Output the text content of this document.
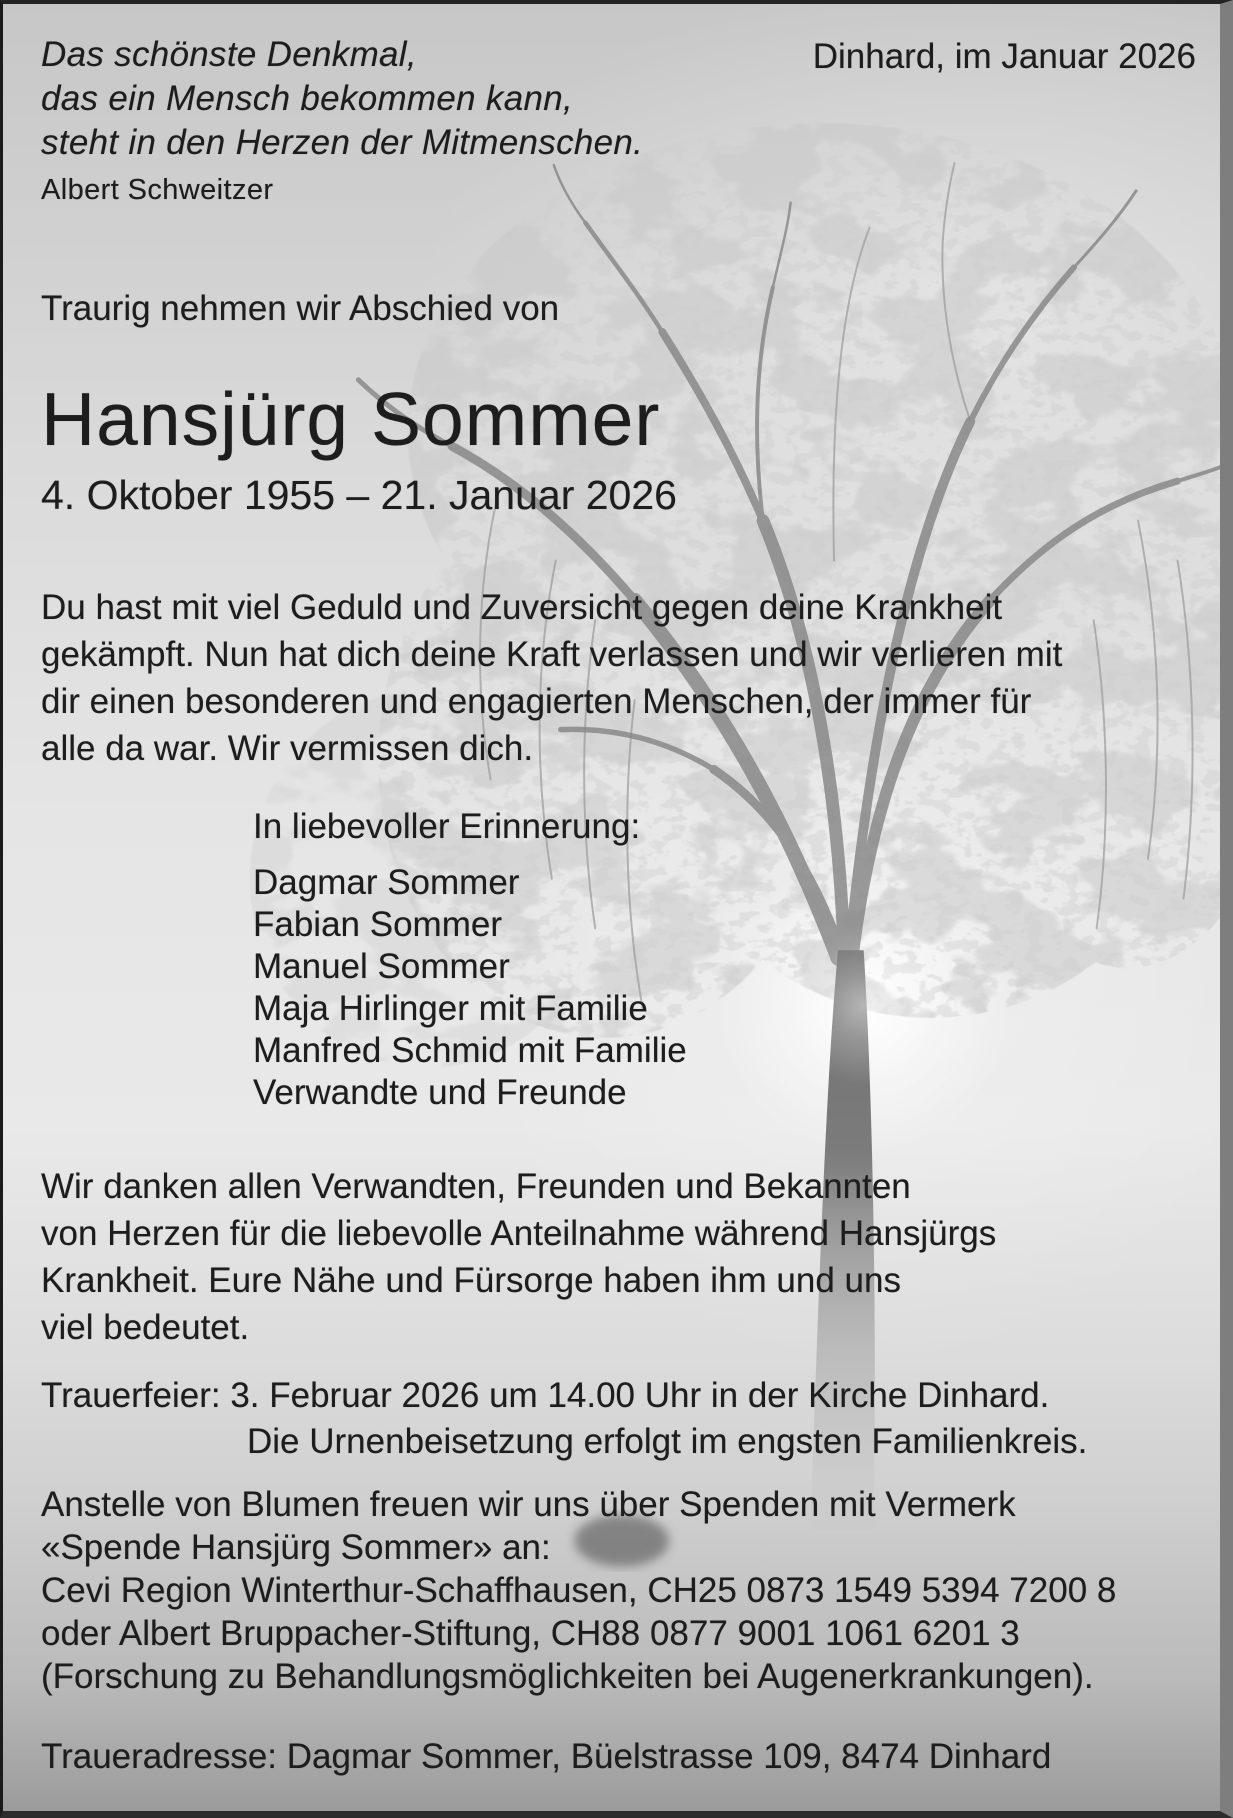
Das schönste Denkmal,
das ein Mensch bekommen kann,
steht in den Herzen der Mitmenschen.
Dinhard, im Januar 2026
Albert Schweitzer
Traurig nehmen wir Abschied von
Hansjürg Sommer
4. Oktober 1955 – 21. Januar 2026
Du hast mit viel Geduld und Zuversicht gegen deine Krankheit
gekämpft. Nun hat dich deine Kraft verlassen und wir verlieren mit
dir einen besonderen und engagierten Menschen, der immer für
alle da war. Wir vermissen dich.
In liebevoller Erinnerung:
Dagmar Sommer
Fabian Sommer
Manuel Sommer
Maja Hirlinger mit Familie
Manfred Schmid mit Familie
Verwandte und Freunde
Wir danken allen Verwandten, Freunden und Bekannten
von Herzen für die liebevolle Anteilnahme während Hansjürgs
Krankheit. Eure Nähe und Fürsorge haben ihm und uns
viel bedeutet.
Trauerfeier: 3. Februar 2026 um 14.00 Uhr in der Kirche Dinhard.
Die Urnenbeisetzung erfolgt im engsten Familienkreis.
Anstelle von Blumen freuen wir uns über Spenden mit Vermerk
«Spende Hansjürg Sommer» an:
Cevi Region Winterthur-Schaffhausen, CH25 0873 1549 5394 7200 8
oder Albert Bruppacher-Stiftung, CH88 0877 9001 1061 6201 3
(Forschung zu Behandlungsmöglichkeiten bei Augenerkrankungen).
Traueradresse: Dagmar Sommer, Büelstrasse 109, 8474 Dinhard
